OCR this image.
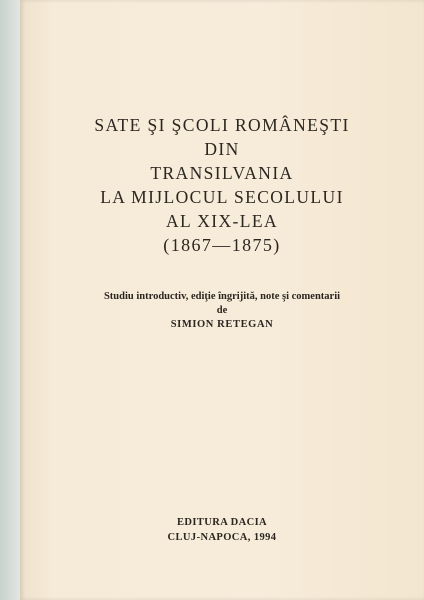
SATE ŞI ŞCOLI ROMÂNEŞTI
DIN
TRANSILVANIA
LA MIJLOCUL SECOLULUI
AL XIX-LEA
(1867—1875)
Studiu introductiv, ediţie îngrijită, note şi comentarii
de
SIMION RETEGAN
EDITURA DACIA
CLUJ-NAPOCA, 1994
